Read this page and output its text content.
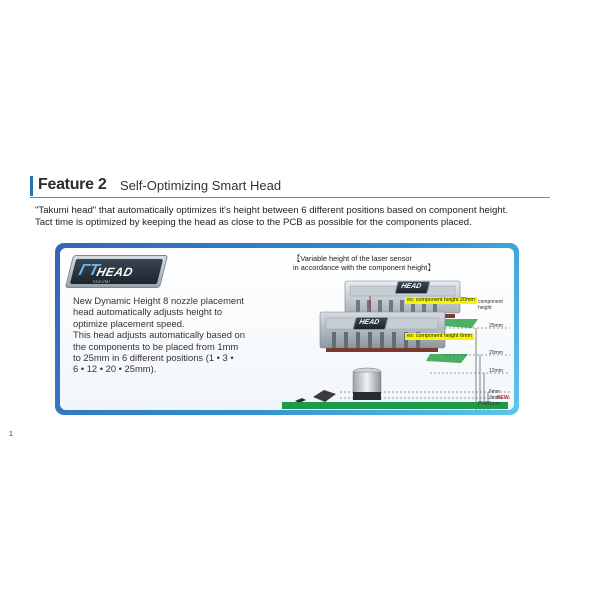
Feature 2 Self-Optimizing Smart Head
"Takumi head" that automatically optimizes it's height between 6 different positions based on component height. Tact time is optimized by keeping the head as close to the PCB as possible for the components placed.
ΓT
HEAD
TAKUMI
New Dynamic Height 8 nozzle placement
head automatically adjusts height to
optimize placement speed.
This head adjusts automatically based on
the components to be placed from 1mm
to 25mm in 6 different positions (1 • 3 •
6 • 12 • 20 • 25mm).
【Variable height of the laser sensor
in accordance with the component height】
ex: component height 20mm
ex: component height 6mm
HEAD
HEAD
component height
25mm
20mm
12mm
6mm
3mm
1mm
NEW
PWB
1
